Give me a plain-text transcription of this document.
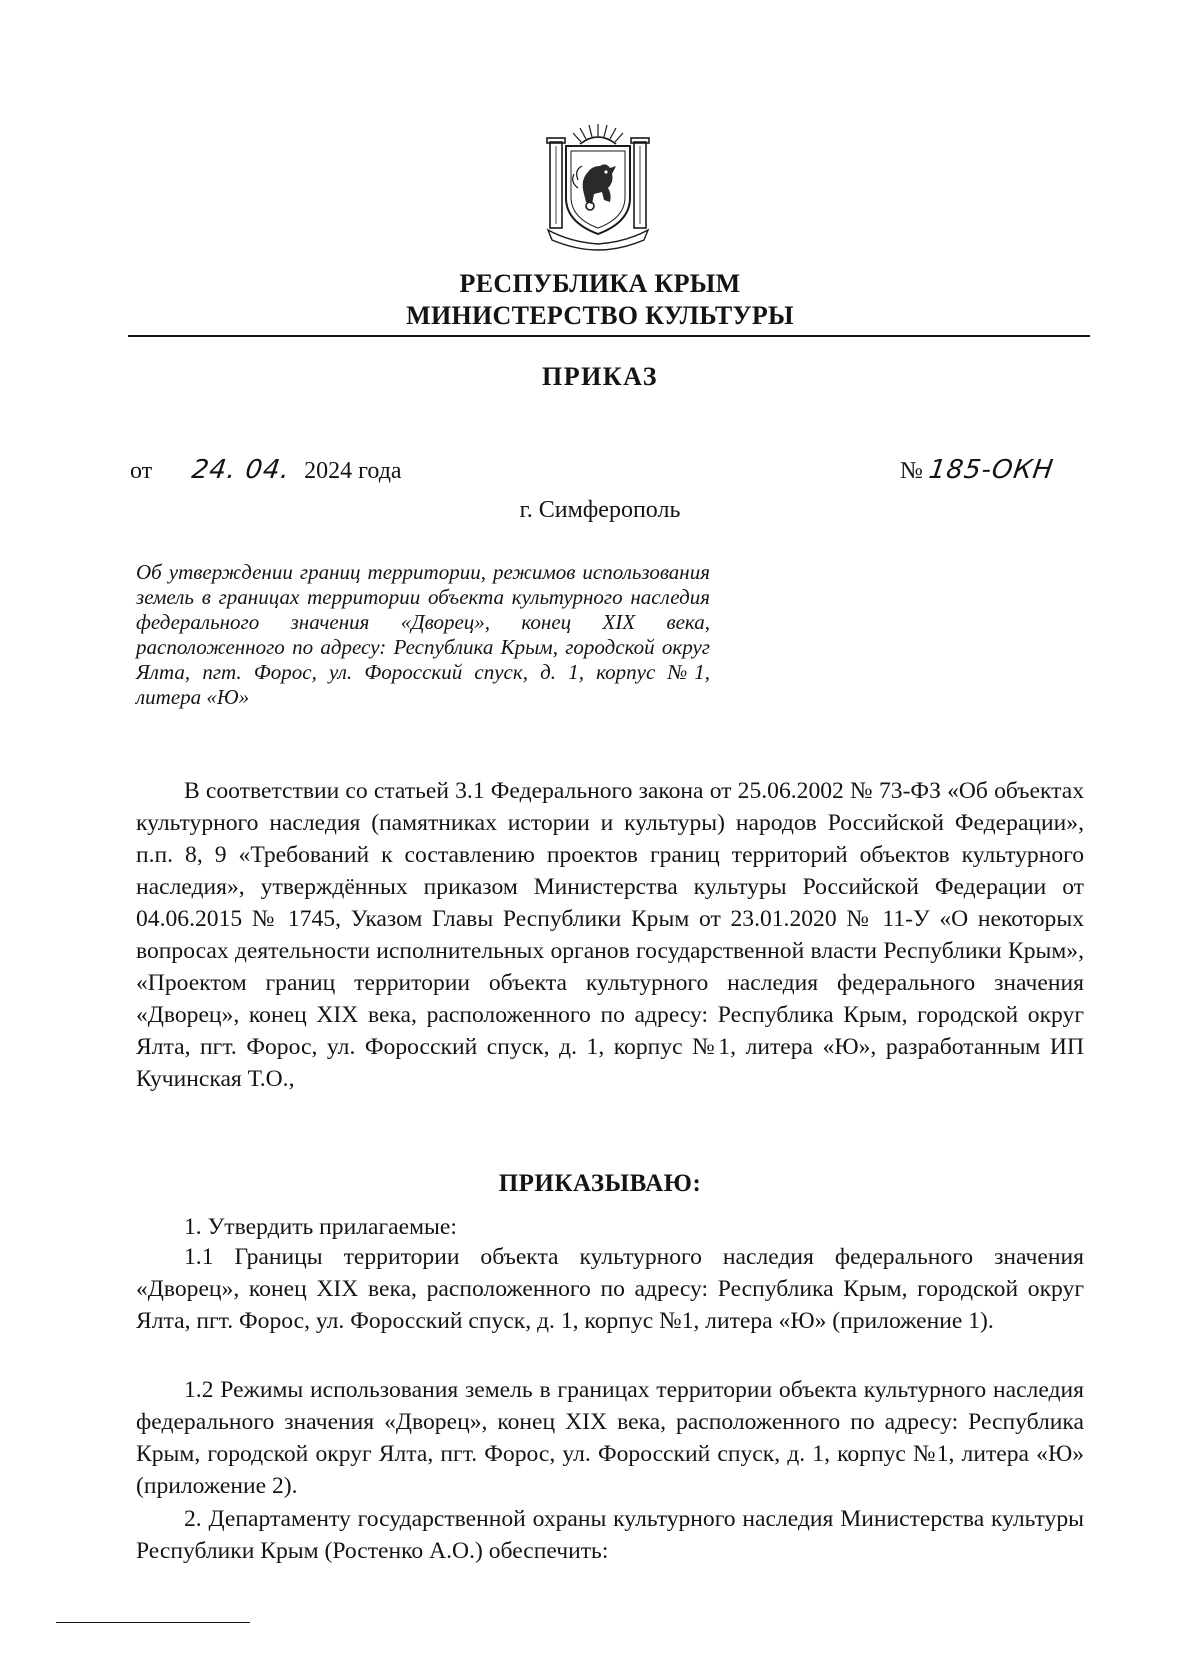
РЕСПУБЛИКА КРЫМ
МИНИСТЕРСТВО КУЛЬТУРЫ
ПРИКАЗ
от 24. 04. 2024 года	№ 185-ОКН
г. Симферополь
Об утверждении границ территории, режимов использования земель в границах территории объекта культурного наследия федерального значения «Дворец», конец XIX века, расположенного по адресу: Республика Крым, городской округ Ялта, пгт. Форос, ул. Форосский спуск, д. 1, корпус №1, литера «Ю»
В соответствии со статьей 3.1 Федерального закона от 25.06.2002 № 73-ФЗ «Об объектах культурного наследия (памятниках истории и культуры) народов Российской Федерации», п.п. 8, 9 «Требований к составлению проектов границ территорий объектов культурного наследия», утверждённых приказом Министерства культуры Российской Федерации от 04.06.2015 № 1745, Указом Главы Республики Крым от 23.01.2020 № 11-У «О некоторых вопросах деятельности исполнительных органов государственной власти Республики Крым», «Проектом границ территории объекта культурного наследия федерального значения «Дворец», конец XIX века, расположенного по адресу: Республика Крым, городской округ Ялта, пгт. Форос, ул. Форосский спуск, д. 1, корпус №1, литера «Ю», разработанным ИП Кучинская Т.О.,
ПРИКАЗЫВАЮ:
1. Утвердить прилагаемые:
1.1 Границы территории объекта культурного наследия федерального значения «Дворец», конец XIX века, расположенного по адресу: Республика Крым, городской округ Ялта, пгт. Форос, ул. Форосский спуск, д. 1, корпус №1, литера «Ю» (приложение 1).
1.2 Режимы использования земель в границах территории объекта культурного наследия федерального значения «Дворец», конец XIX века, расположенного по адресу: Республика Крым, городской округ Ялта, пгт. Форос, ул. Форосский спуск, д. 1, корпус №1, литера «Ю» (приложение 2).
2. Департаменту государственной охраны культурного наследия Министерства культуры Республики Крым (Ростенко А.О.) обеспечить:
